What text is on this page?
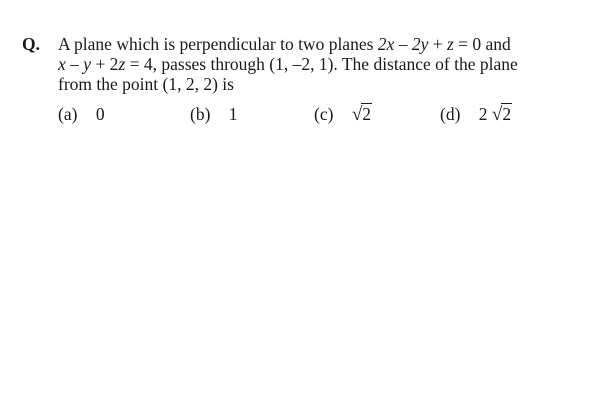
Q. A plane which is perpendicular to two planes 2x – 2y + z = 0 and
x – y + 2z = 4, passes through (1, –2, 1). The distance of the plane
from the point (1, 2, 2) is
(a) 0	(b) 1	(c) √2	(d) 2 √2
